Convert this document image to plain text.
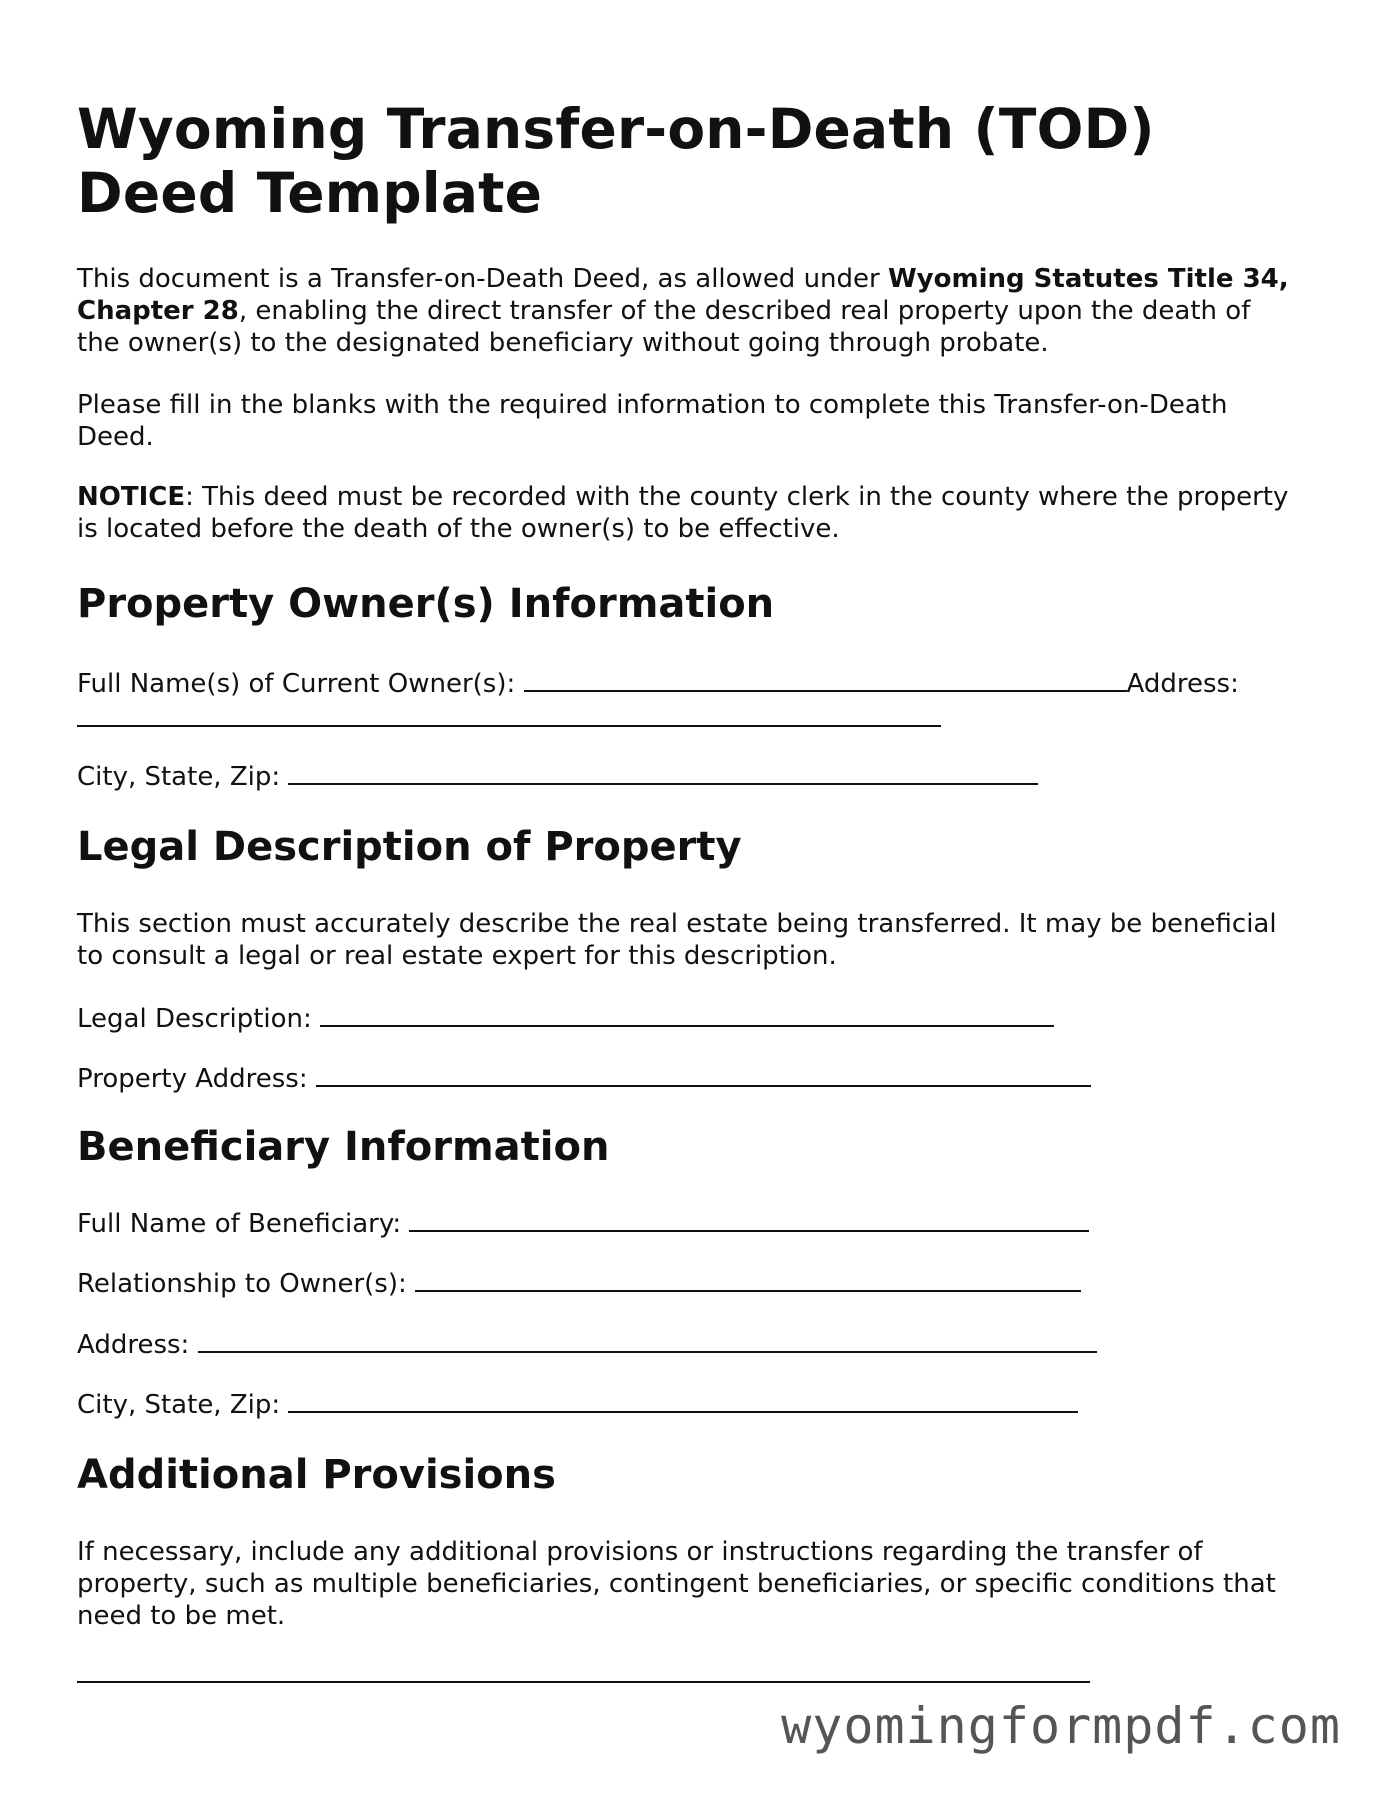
Wyoming Transfer-on-Death (TOD) Deed Template

This document is a Transfer-on-Death Deed, as allowed under Wyoming Statutes Title 34, Chapter 28, enabling the direct transfer of the described real property upon the death of the owner(s) to the designated beneficiary without going through probate.

Please fill in the blanks with the required information to complete this Transfer-on-Death Deed.

NOTICE: This deed must be recorded with the county clerk in the county where the property is located before the death of the owner(s) to be effective.

Property Owner(s) Information
Full Name(s) of Current Owner(s):	Address:
City, State, Zip:
Legal Description of Property

This section must accurately describe the real estate being transferred. It may be beneficial to consult a legal or real estate expert for this description.

Legal Description:
Property Address:
Beneficiary Information
Full Name of Beneficiary:
Relationship to Owner(s):
Address:
City, State, Zip:
Additional Provisions

If necessary, include any additional provisions or instructions regarding the transfer of property, such as multiple beneficiaries, contingent beneficiaries, or specific conditions that need to be met.

wyomingformpdf.com
